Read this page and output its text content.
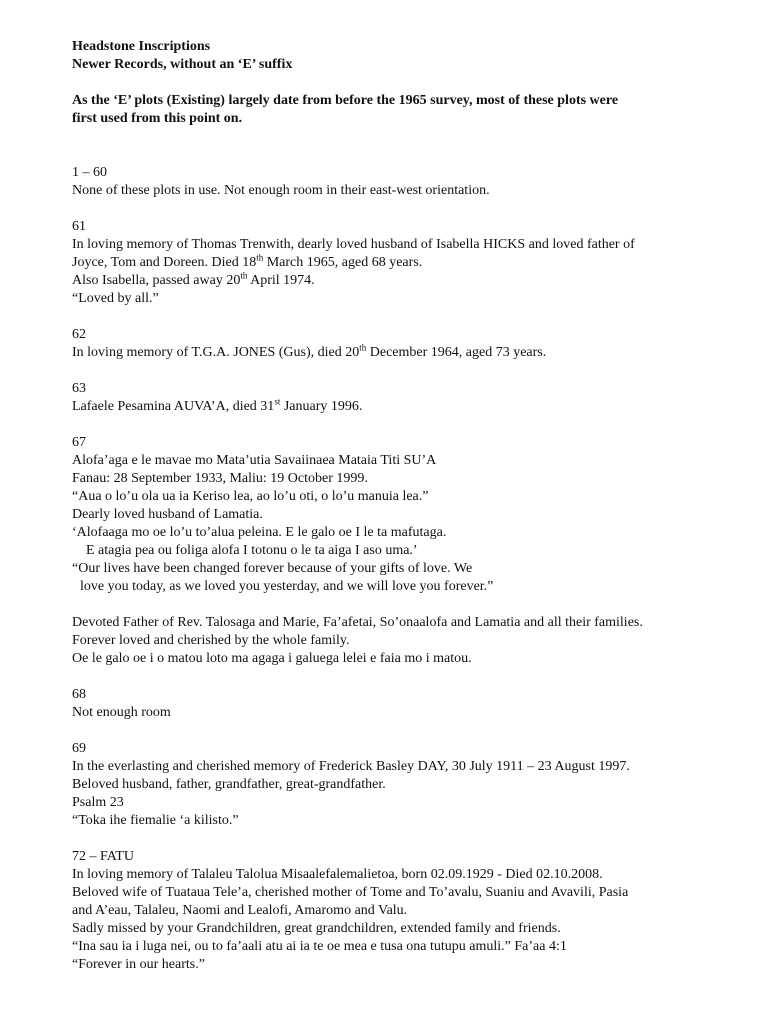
Headstone Inscriptions

Newer Records, without an ‘E’ suffix

As the ‘E’ plots (Existing) largely date from before the 1965 survey, most of these plots were

first used from this point on.

1 – 60

None of these plots in use. Not enough room in their east-west orientation.

61

In loving memory of Thomas Trenwith, dearly loved husband of Isabella HICKS and loved father of

Joyce, Tom and Doreen. Died 18th March 1965, aged 68 years.

Also Isabella, passed away 20th April 1974.

“Loved by all.”

62

In loving memory of T.G.A. JONES (Gus), died 20th December 1964, aged 73 years.

63

Lafaele Pesamina AUVA’A, died 31st January 1996.

67

Alofa’aga e le mavae mo Mata’utia Savaiinaea Mataia Titi SU’A

Fanau: 28 September 1933, Maliu: 19 October 1999.

“Aua o lo’u ola ua ia Keriso lea, ao lo’u oti, o lo’u manuia lea.”

Dearly loved husband of Lamatia.

‘Alofaaga mo oe lo’u to’alua peleina. E le galo oe I le ta mafutaga.

E atagia pea ou foliga alofa I totonu o le ta aiga I aso uma.’

“Our lives have been changed forever because of your gifts of love. We

love you today, as we loved you yesterday, and we will love you forever.”

Devoted Father of Rev. Talosaga and Marie, Fa’afetai, So’onaalofa and Lamatia and all their families.

Forever loved and cherished by the whole family.

Oe le galo oe i o matou loto ma agaga i galuega lelei e faia mo i matou.

68

Not enough room

69

In the everlasting and cherished memory of Frederick Basley DAY, 30 July 1911 – 23 August 1997.

Beloved husband, father, grandfather, great-grandfather.

Psalm 23

“Toka ihe fiemalie ‘a kilisto.”

72 – FATU

In loving memory of Talaleu Talolua Misaalefalemalietoa, born 02.09.1929 - Died 02.10.2008.

Beloved wife of Tuataua Tele’a, cherished mother of Tome and To’avalu, Suaniu and Avavili, Pasia

and A’eau, Talaleu, Naomi and Lealofi, Amaromo and Valu.

Sadly missed by your Grandchildren, great grandchildren, extended family and friends.

“Ina sau ia i luga nei, ou to fa’aali atu ai ia te oe mea e tusa ona tutupu amuli.” Fa’aa 4:1

“Forever in our hearts.”
